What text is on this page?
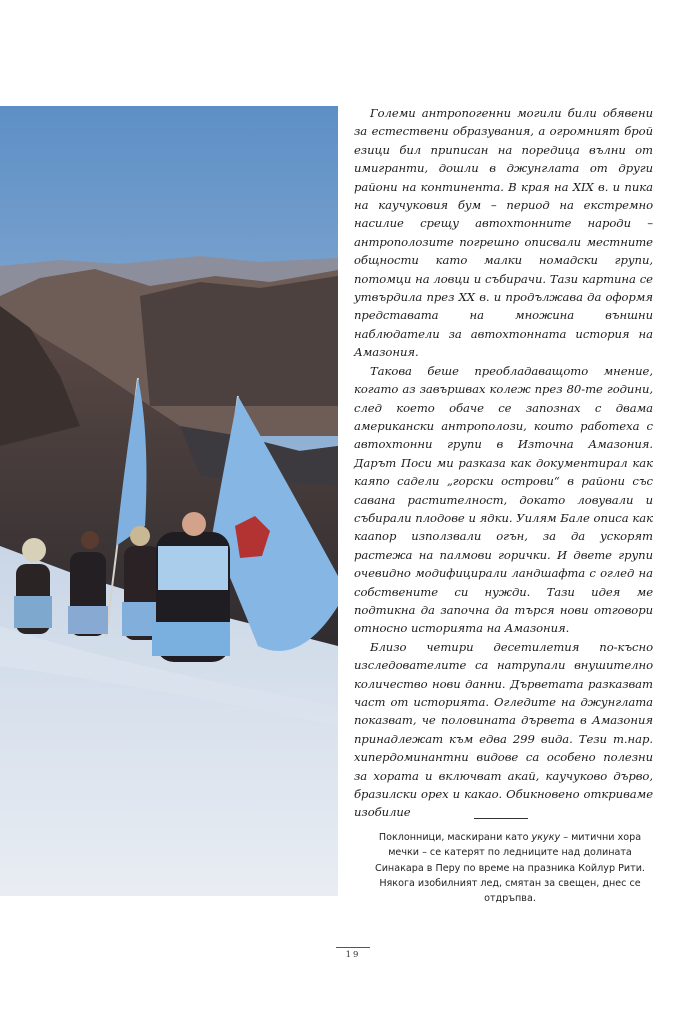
Големи антропогенни могили били обявени за естествени образувания, а огромният брой езици бил приписан на поредица вълни от имигранти, дошли в джунглата от други райони на континента. В края на XIX в. и пика на каучуковия бум – период на екстремно насилие срещу автохтонните народи – антрополозите погрешно описвали местните общности като малки номадски групи, потомци на ловци и събирачи. Тази картина се утвърдила през XX в. и продължава да оформя представата на множина външни наблюдатели за автохтонната история на Амазония.

Такова беше преобладаващото мнение, когато аз завършвах колеж през 80-те години, след което обаче се запознах с двама американски антрополози, които работеха с автохтонни групи в Източна Амазония. Дарът Поси ми разказа как документирал как каяпо садели „горски острови“ в райони със савана растителност, докато ловували и събирали плодове и ядки. Уилям Бале описа как каапор използвали огън, за да ускорят растежа на палмови горички. И двете групи очевидно модифицирали ландшафта с оглед на собствените си нужди. Тази идея ме подтикна да започна да търся нови отговори относно историята на Амазония.

Близо четири десетилетия по-късно изследователите са натрупали внушително количество нови данни. Дърветата разказват част от историята. Огледите на джунглата показват, че половината дървета в Амазония принадлежат към едва 299 вида. Тези т.нар. хипердоминантни видове са особено полезни за хората и включват акай, каучуково дърво, бразилски орех и какао. Обикновено откриваме изобилие

Поклонници, маскирани като укуку – митични хора мечки – се катерят по ледниците над долината Синакара в Перу по време на празника Койлур Рити. Някога изобилният лед, смятан за свещен, днес се отдръпва.
19
